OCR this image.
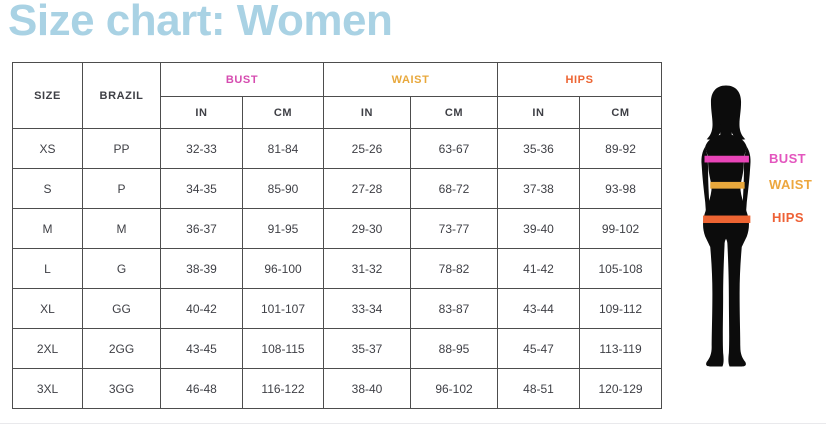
Size chart: Women
SIZE	BRAZIL	BUST		WAIST		HIPS	
		IN	CM	IN	CM	IN	CM
XS	PP	32-33	81-84	25-26	63-67	35-36	89-92
S	P	34-35	85-90	27-28	68-72	37-38	93-98
M	M	36-37	91-95	29-30	73-77	39-40	99-102
L	G	38-39	96-100	31-32	78-82	41-42	105-108
XL	GG	40-42	101-107	33-34	83-87	43-44	109-112
2XL	2GG	43-45	108-115	35-37	88-95	45-47	113-119
3XL	3GG	46-48	116-122	38-40	96-102	48-51	120-129
BUST
WAIST
HIPS
